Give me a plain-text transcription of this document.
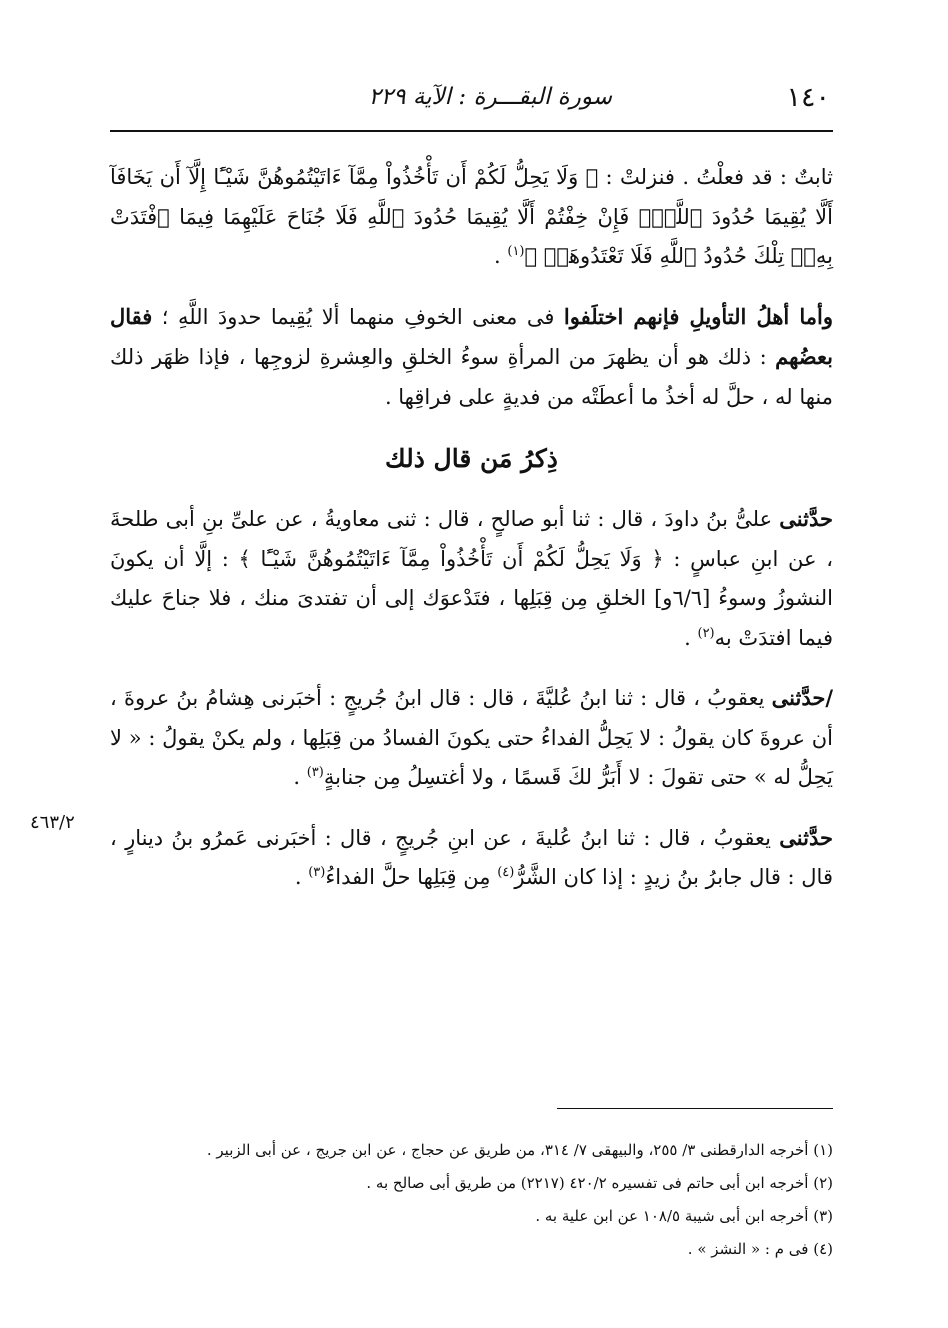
١٤٠
سورة البقـــرة : الآية ٢٢٩

ثابتٌ : قد فعلْتُ . فنزلتْ : ﴿ وَلَا يَحِلُّ لَكُمْ أَن تَأْخُذُواْ مِمَّآ ءَاتَيْتُمُوهُنَّ شَيْـًٔا إِلَّآ أَن يَخَافَآ أَلَّا يُقِيمَا حُدُودَ ٱللَّهِۖ فَإِنْ خِفْتُمْ أَلَّا يُقِيمَا حُدُودَ ٱللَّهِ فَلَا جُنَاحَ عَلَيْهِمَا فِيمَا ٱفْتَدَتْ بِهِۦۗ تِلْكَ حُدُودُ ٱللَّهِ فَلَا تَعْتَدُوهَاۚ ﴾$^{(١)}$ .

وأما أهلُ التأويلِ فإنهم اختلَفوا فى معنى الخوفِ منهما ألا يُقِيما حدودَ اللَّهِ ؛ فقال بعضُهم : ذلك هو أن يظهرَ من المرأةِ سوءُ الخلقِ والعِشرةِ لزوجِها ، فإذا ظهَر ذلك منها له ، حلَّ له أخذُ ما أعطَتْه من فديةٍ على فراقِها .

ذِكرُ مَن قال ذلك

حدَّثنى علىُّ بنُ داودَ ، قال : ثنا أبو صالحٍ ، قال : ثنى معاويةُ ، عن علىِّ بنِ أبى طلحةَ ، عن ابنِ عباسٍ : ﴿ وَلَا يَحِلُّ لَكُمْ أَن تَأْخُذُواْ مِمَّآ ءَاتَيْتُمُوهُنَّ شَيْـًٔا ﴾ : إلَّا أن يكونَ النشوزُ وسوءُ [٦/٦و] الخلقِ مِن قِبَلِها ، فتَدْعوَك إلى أن تفتدىَ منك ، فلا جناحَ عليك فيما افتدَتْ به$^{(٢)}$ .

/حدَّثنى يعقوبُ ، قال : ثنا ابنُ عُليَّةَ ، قال : قال ابنُ جُريجٍ : أخبَرنى هِشامُ بنُ عروةَ ، أن عروةَ كان يقولُ : لا يَحِلُّ الفداءُ حتى يكونَ الفسادُ من قِبَلِها ، ولم يكنْ يقولُ : « لا يَحِلُّ له » حتى تقولَ : لا أَبَرُّ لكَ قَسمًا ، ولا أغتسِلُ مِن جنابةٍ$^{(٣)}$ .

حدَّثنى يعقوبُ ، قال : ثنا ابنُ عُليةَ ، عن ابنِ جُريجٍ ، قال : أخبَرنى عَمرُو بنُ دينارٍ ، قال : قال جابرُ بنُ زيدٍ : إذا كان الشَّرُّ$^{(٤)}$ مِن قِبَلِها حلَّ الفداءُ$^{(٣)}$ .

٤٦٣/٢
(١) أخرجه الدارقطنى ٣/ ٢٥٥، والبيهقى ٧/ ٣١٤، من طريق عن حجاج ، عن ابن جريج ، عن أبى الزبير .
(٢) أخرجه ابن أبى حاتم فى تفسيره ٤٢٠/٢ (٢٢١٧) من طريق أبى صالح به .
(٣) أخرجه ابن أبى شيبة ١٠٨/٥ عن ابن علية به .
(٤) فى م : « النشز » .
